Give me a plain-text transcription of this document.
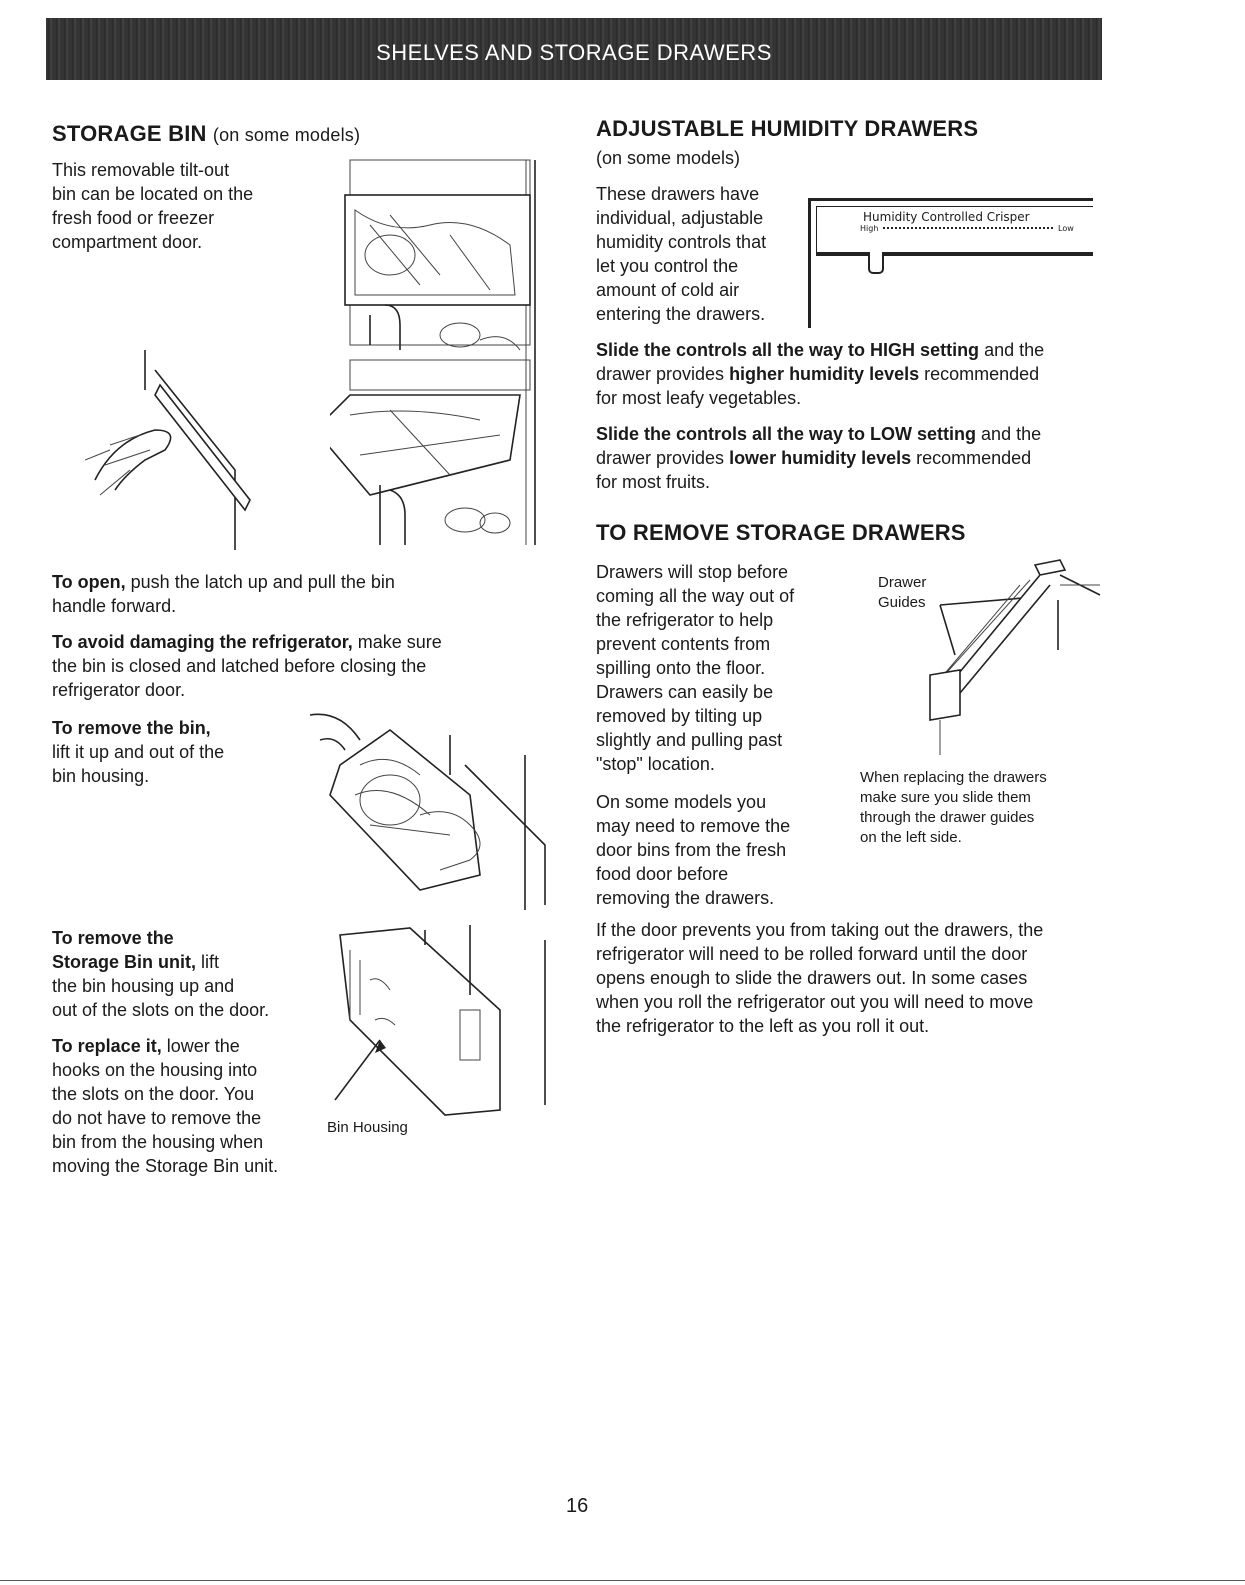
SHELVES AND STORAGE DRAWERS
STORAGE BIN (on some models)
This removable tilt-out
bin can be located on the
fresh food or freezer
compartment door.
To open, push the latch up and pull the bin
handle forward.
To avoid damaging the refrigerator, make sure
the bin is closed and latched before closing the
refrigerator door.
To remove the bin,
lift it up and out of the
bin housing.
To remove the
Storage Bin unit, lift
the bin housing up and
out of the slots on the door.
To replace it, lower the
hooks on the housing into
the slots on the door. You
do not have to remove the
bin from the housing when
moving the Storage Bin unit.
Bin Housing
ADJUSTABLE HUMIDITY DRAWERS
(on some models)
These drawers have
individual, adjustable
humidity controls that
let you control the
amount of cold air
entering the drawers.
Humidity Controlled Crisper
High	Low
Slide the controls all the way to HIGH setting and the
drawer provides higher humidity levels recommended
for most leafy vegetables.
Slide the controls all the way to LOW setting and the
drawer provides lower humidity levels recommended
for most fruits.
TO REMOVE STORAGE DRAWERS
Drawers will stop before
coming all the way out of
the refrigerator to help
prevent contents from
spilling onto the floor.
Drawers can easily be
removed by tilting up
slightly and pulling past
"stop" location.
On some models you
may need to remove the
door bins from the fresh
food door before
removing the drawers.
Drawer
Guides
When replacing the drawers
make sure you slide them
through the drawer guides
on the left side.
If the door prevents you from taking out the drawers, the
refrigerator will need to be rolled forward until the door
opens enough to slide the drawers out. In some cases
when you roll the refrigerator out you will need to move
the refrigerator to the left as you roll it out.
16
